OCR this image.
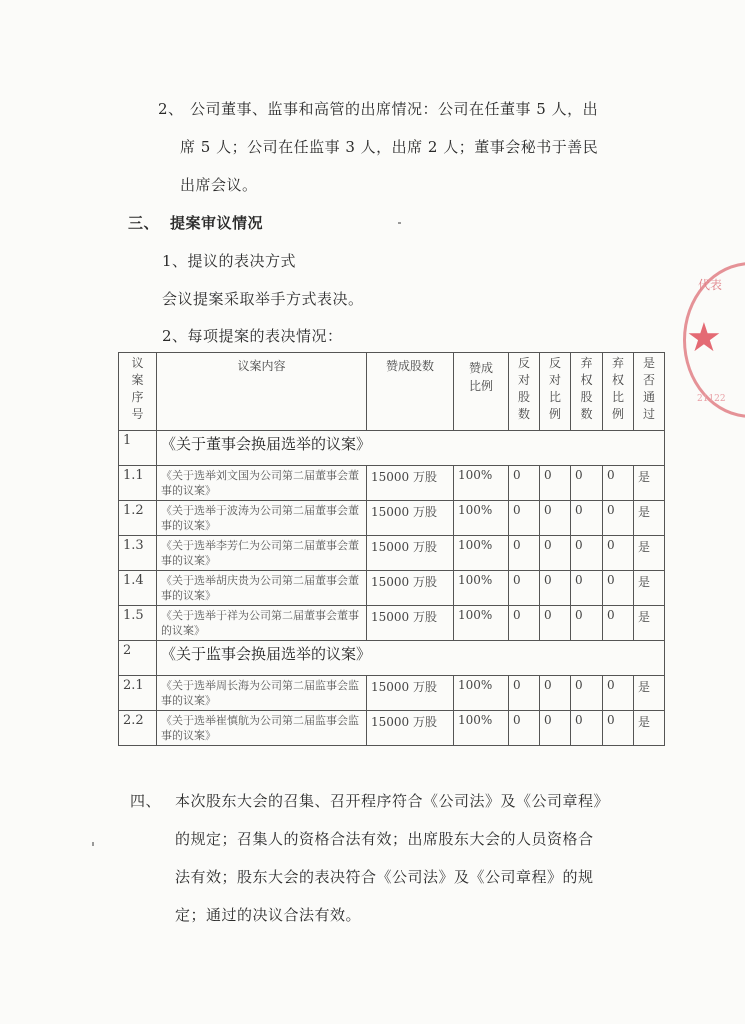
2、 公司董事、监事和高管的出席情况：公司在任董事 5 人，出
席 5 人；公司在任监事 3 人，出席 2 人；董事会秘书于善民
出席会议。
三、 提案审议情况
1、提议的表决方式
会议提案采取举手方式表决。
2、每项提案的表决情况：
议案序号	议案内容	赞成股数	赞成比例	反对股数	反对比例	弃权股数	弃权比例	是否通过

1	《关于董事会换届选举的议案》							
1.1	《关于选举刘文国为公司第二届董事会董事的议案》	15000 万股	100%	0	0	0	0	是
1.2	《关于选举于波涛为公司第二届董事会董事的议案》	15000 万股	100%	0	0	0	0	是
1.3	《关于选举李芳仁为公司第二届董事会董事的议案》	15000 万股	100%	0	0	0	0	是
1.4	《关于选举胡庆贵为公司第二届董事会董事的议案》	15000 万股	100%	0	0	0	0	是
1.5	《关于选举于祥为公司第二届董事会董事的议案》	15000 万股	100%	0	0	0	0	是
2	《关于监事会换届选举的议案》							
2.1	《关于选举周长海为公司第二届监事会监事的议案》	15000 万股	100%	0	0	0	0	是
2.2	《关于选举崔慎航为公司第二届监事会监事的议案》	15000 万股	100%	0	0	0	0	是
四、 本次股东大会的召集、召开程序符合《公司法》及《公司章程》
的规定；召集人的资格合法有效；出席股东大会的人员资格合
法有效；股东大会的表决符合《公司法》及《公司章程》的规
定；通过的决议合法有效。
代表
★
21122
